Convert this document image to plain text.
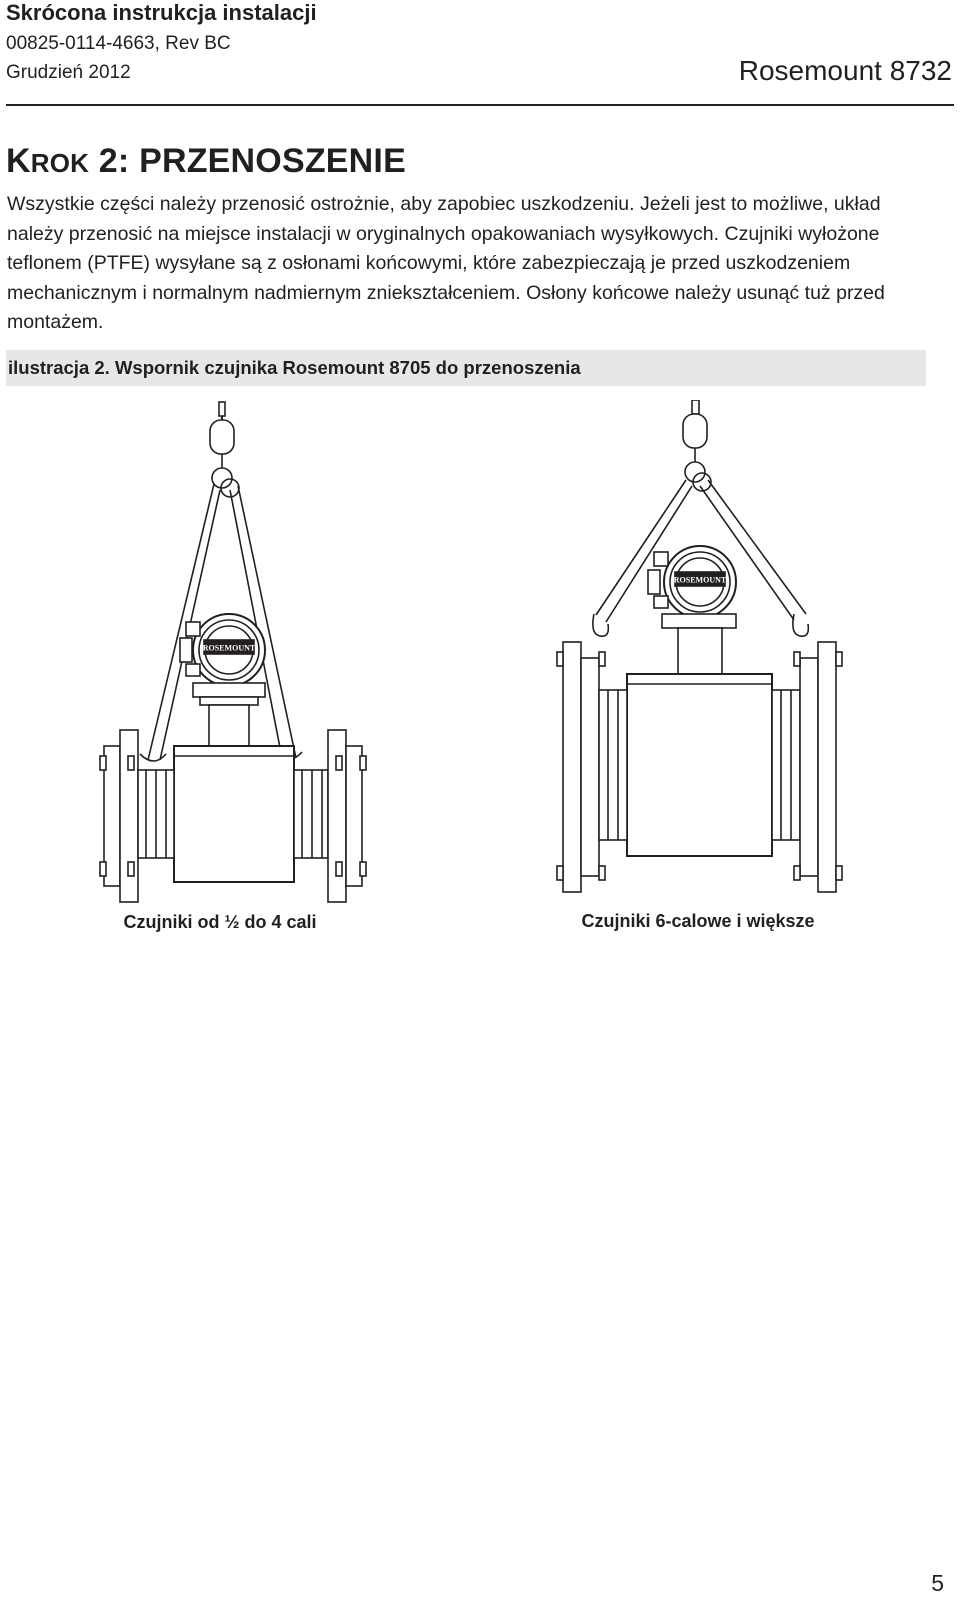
Skrócona instrukcja instalacji
00825-0114-4663, Rev BC
Grudzień 2012	Rosemount 8732
KROK 2: PRZENOSZENIE

Wszystkie części należy przenosić ostrożnie, aby zapobiec uszkodzeniu. Jeżeli jest to możliwe, układ należy przenosić na miejsce instalacji w oryginalnych opakowaniach wysyłkowych. Czujniki wyłożone teflonem (PTFE) wysyłane są z osłonami końcowymi, które zabezpieczają je przed uszkodzeniem mechanicznym i normalnym nadmiernym zniekształceniem. Osłony końcowe należy usunąć tuż przed montażem.

ilustracja 2. Wspornik czujnika Rosemount 8705 do przenoszenia
ROSEMOUNT
ROSEMOUNT
Czujniki od ½ do 4 cali	Czujniki 6-calowe i większe
5
